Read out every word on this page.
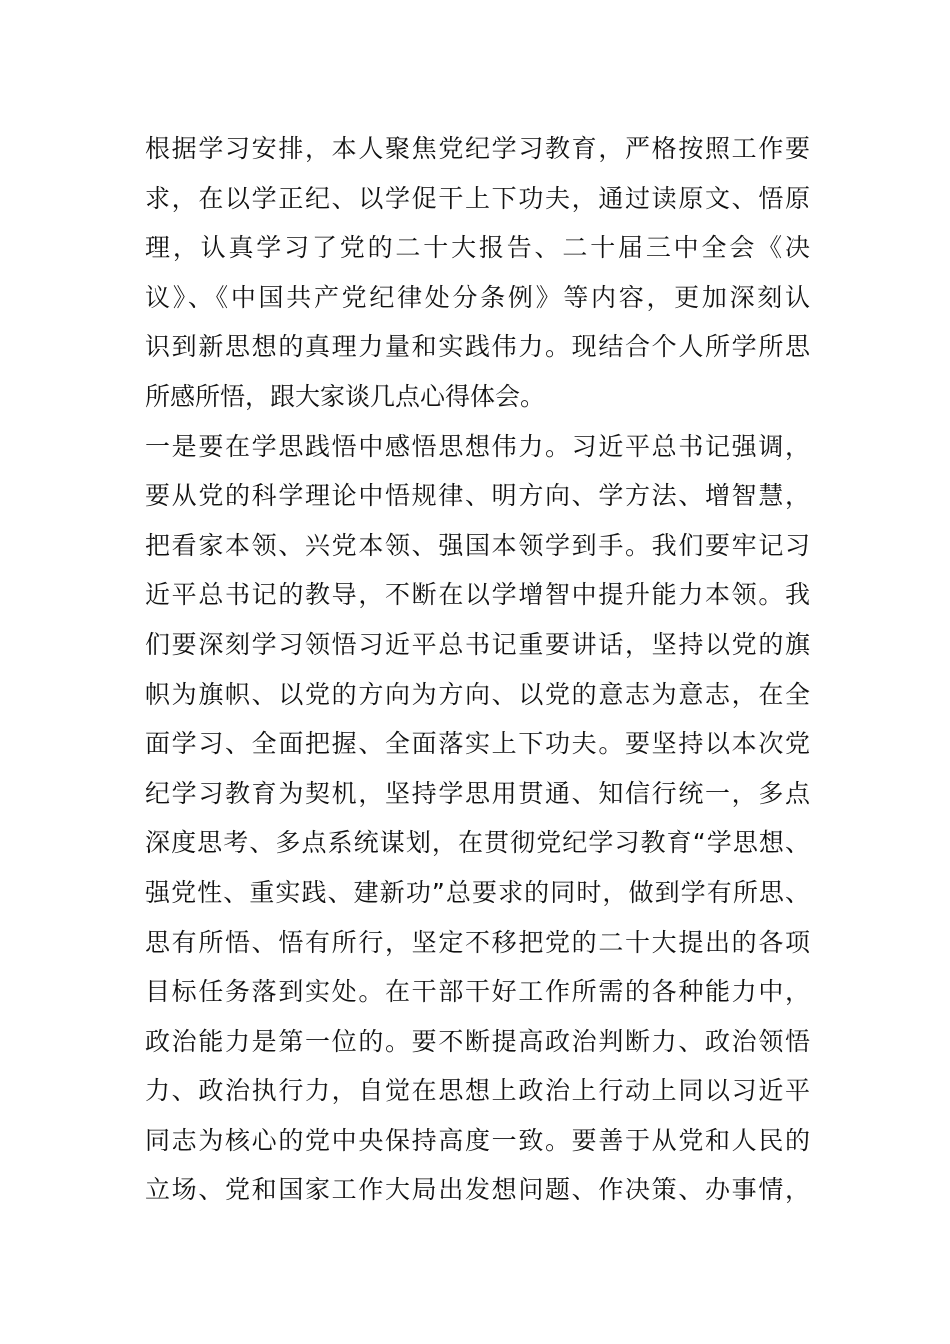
根据学习安排，本人聚焦党纪学习教育，严格按照工作要
求，在以学正纪、以学促干上下功夫，通过读原文、悟原
理，认真学习了党的二十大报告、二十届三中全会《决
议》、《中国共产党纪律处分条例》等内容，更加深刻认
识到新思想的真理力量和实践伟力。现结合个人所学所思
所感所悟，跟大家谈几点心得体会。
一是要在学思践悟中感悟思想伟力。习近平总书记强调，
要从党的科学理论中悟规律、明方向、学方法、增智慧，
把看家本领、兴党本领、强国本领学到手。我们要牢记习
近平总书记的教导，不断在以学增智中提升能力本领。我
们要深刻学习领悟习近平总书记重要讲话，坚持以党的旗
帜为旗帜、以党的方向为方向、以党的意志为意志，在全
面学习、全面把握、全面落实上下功夫。要坚持以本次党
纪学习教育为契机，坚持学思用贯通、知信行统一，多点
深度思考、多点系统谋划，在贯彻党纪学习教育“学思想、
强党性、重实践、建新功”总要求的同时，做到学有所思、
思有所悟、悟有所行，坚定不移把党的二十大提出的各项
目标任务落到实处。在干部干好工作所需的各种能力中，
政治能力是第一位的。要不断提高政治判断力、政治领悟
力、政治执行力，自觉在思想上政治上行动上同以习近平
同志为核心的党中央保持高度一致。要善于从党和人民的
立场、党和国家工作大局出发想问题、作决策、办事情，
